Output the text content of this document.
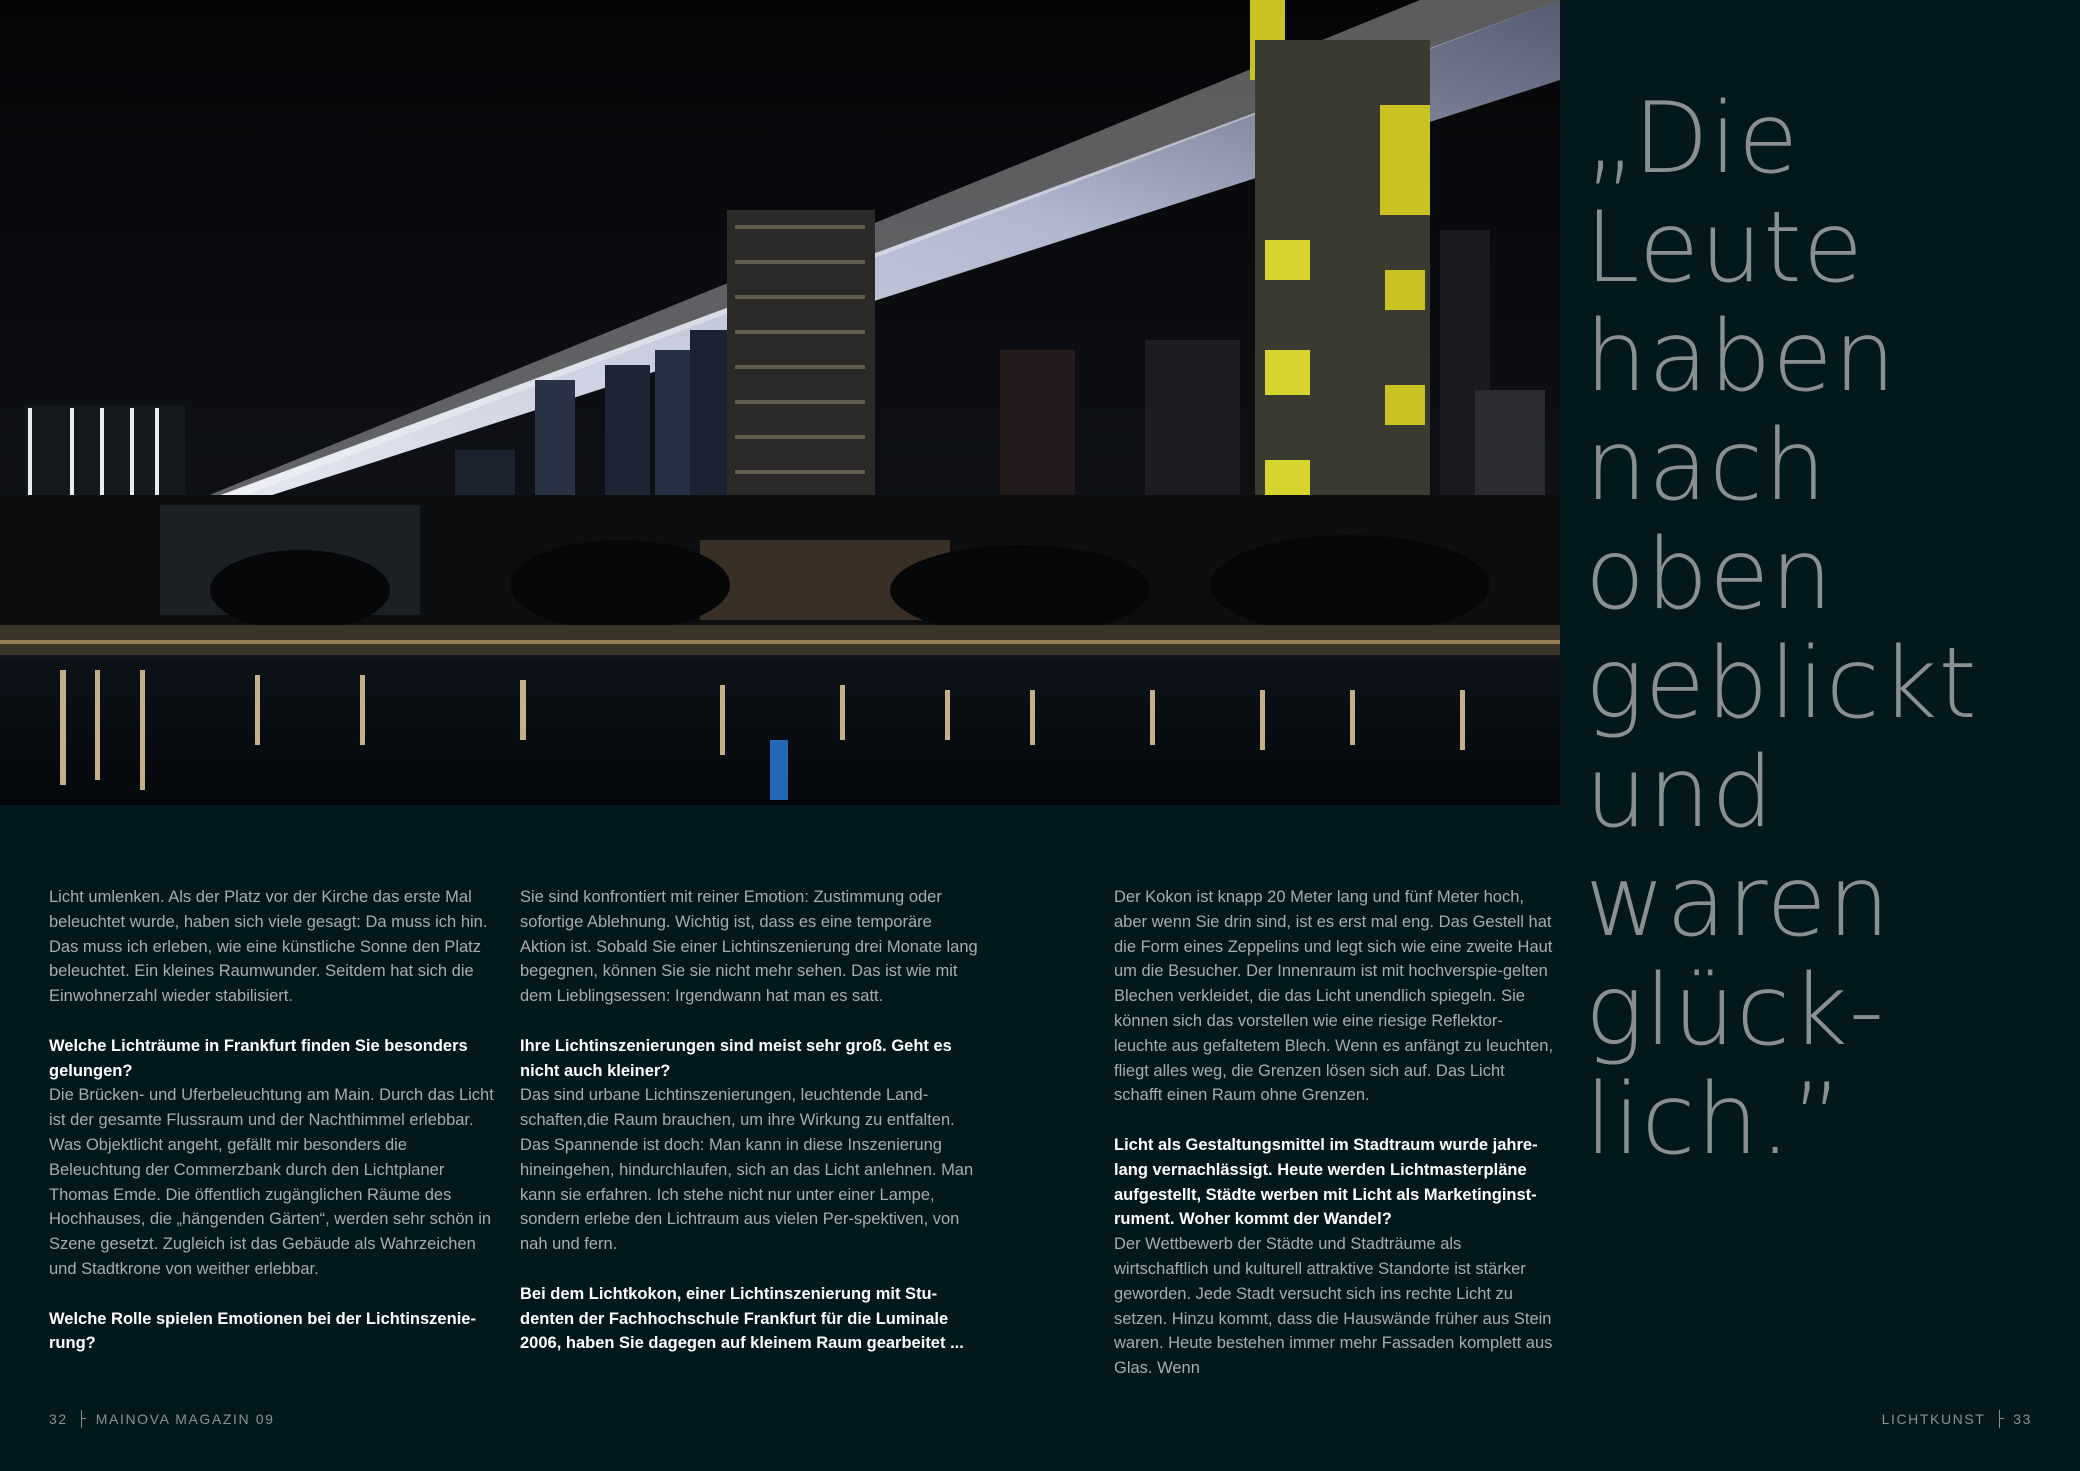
„Die
Leute
haben
nach
oben
geblickt
und
waren
glück-
lich.”

Licht umlenken. Als der Platz vor der Kirche das erste Mal beleuchtet wurde, haben sich viele gesagt: Da muss ich hin. Das muss ich erleben, wie eine künstliche Sonne den Platz beleuchtet. Ein kleines Raumwunder. Seitdem hat sich die Einwohnerzahl wieder stabilisiert.

Welche Lichträume in Frankfurt finden Sie besonders gelungen?

Die Brücken- und Uferbeleuchtung am Main. Durch das Licht ist der gesamte Flussraum und der Nachthimmel erlebbar. Was Objektlicht angeht, gefällt mir besonders die Beleuchtung der Commerzbank durch den Lichtplaner Thomas Emde. Die öffentlich zugänglichen Räume des Hochhauses, die „hängenden Gärten“, werden sehr schön in Szene gesetzt. Zugleich ist das Gebäude als Wahrzeichen und Stadtkrone von weither erlebbar.

Welche Rolle spielen Emotionen bei der Lichtinszenie-rung?

Sie sind konfrontiert mit reiner Emotion: Zustimmung oder sofortige Ablehnung. Wichtig ist, dass es eine temporäre Aktion ist. Sobald Sie einer Lichtinszenierung drei Monate lang begegnen, können Sie sie nicht mehr sehen. Das ist wie mit dem Lieblingsessen: Irgendwann hat man es satt.

Ihre Lichtinszenierungen sind meist sehr groß. Geht es nicht auch kleiner?

Das sind urbane Lichtinszenierungen, leuchtende Land-schaften,die Raum brauchen, um ihre Wirkung zu entfalten. Das Spannende ist doch: Man kann in diese Inszenierung hineingehen, hindurchlaufen, sich an das Licht anlehnen. Man kann sie erfahren. Ich stehe nicht nur unter einer Lampe, sondern erlebe den Lichtraum aus vielen Per-spektiven, von nah und fern.

Bei dem Lichtkokon, einer Lichtinszenierung mit Stu-denten der Fachhochschule Frankfurt für die Luminale 2006, haben Sie dagegen auf kleinem Raum gearbeitet ...

Der Kokon ist knapp 20 Meter lang und fünf Meter hoch, aber wenn Sie drin sind, ist es erst mal eng. Das Gestell hat die Form eines Zeppelins und legt sich wie eine zweite Haut um die Besucher. Der Innenraum ist mit hochverspie-gelten Blechen verkleidet, die das Licht unendlich spiegeln. Sie können sich das vorstellen wie eine riesige Reflektor-leuchte aus gefaltetem Blech. Wenn es anfängt zu leuchten, fliegt alles weg, die Grenzen lösen sich auf. Das Licht schafft einen Raum ohne Grenzen.

Licht als Gestaltungsmittel im Stadtraum wurde jahre-lang vernachlässigt. Heute werden Lichtmasterpläne aufgestellt, Städte werben mit Licht als Marketinginst-rument. Woher kommt der Wandel?

Der Wettbewerb der Städte und Stadträume als wirtschaftlich und kulturell attraktive Standorte ist stärker geworden. Jede Stadt versucht sich ins rechte Licht zu setzen. Hinzu kommt, dass die Hauswände früher aus Stein waren. Heute bestehen immer mehr Fassaden komplett aus Glas. Wenn

32 MAINOVA MAGAZIN 09	LICHTKUNST 33
